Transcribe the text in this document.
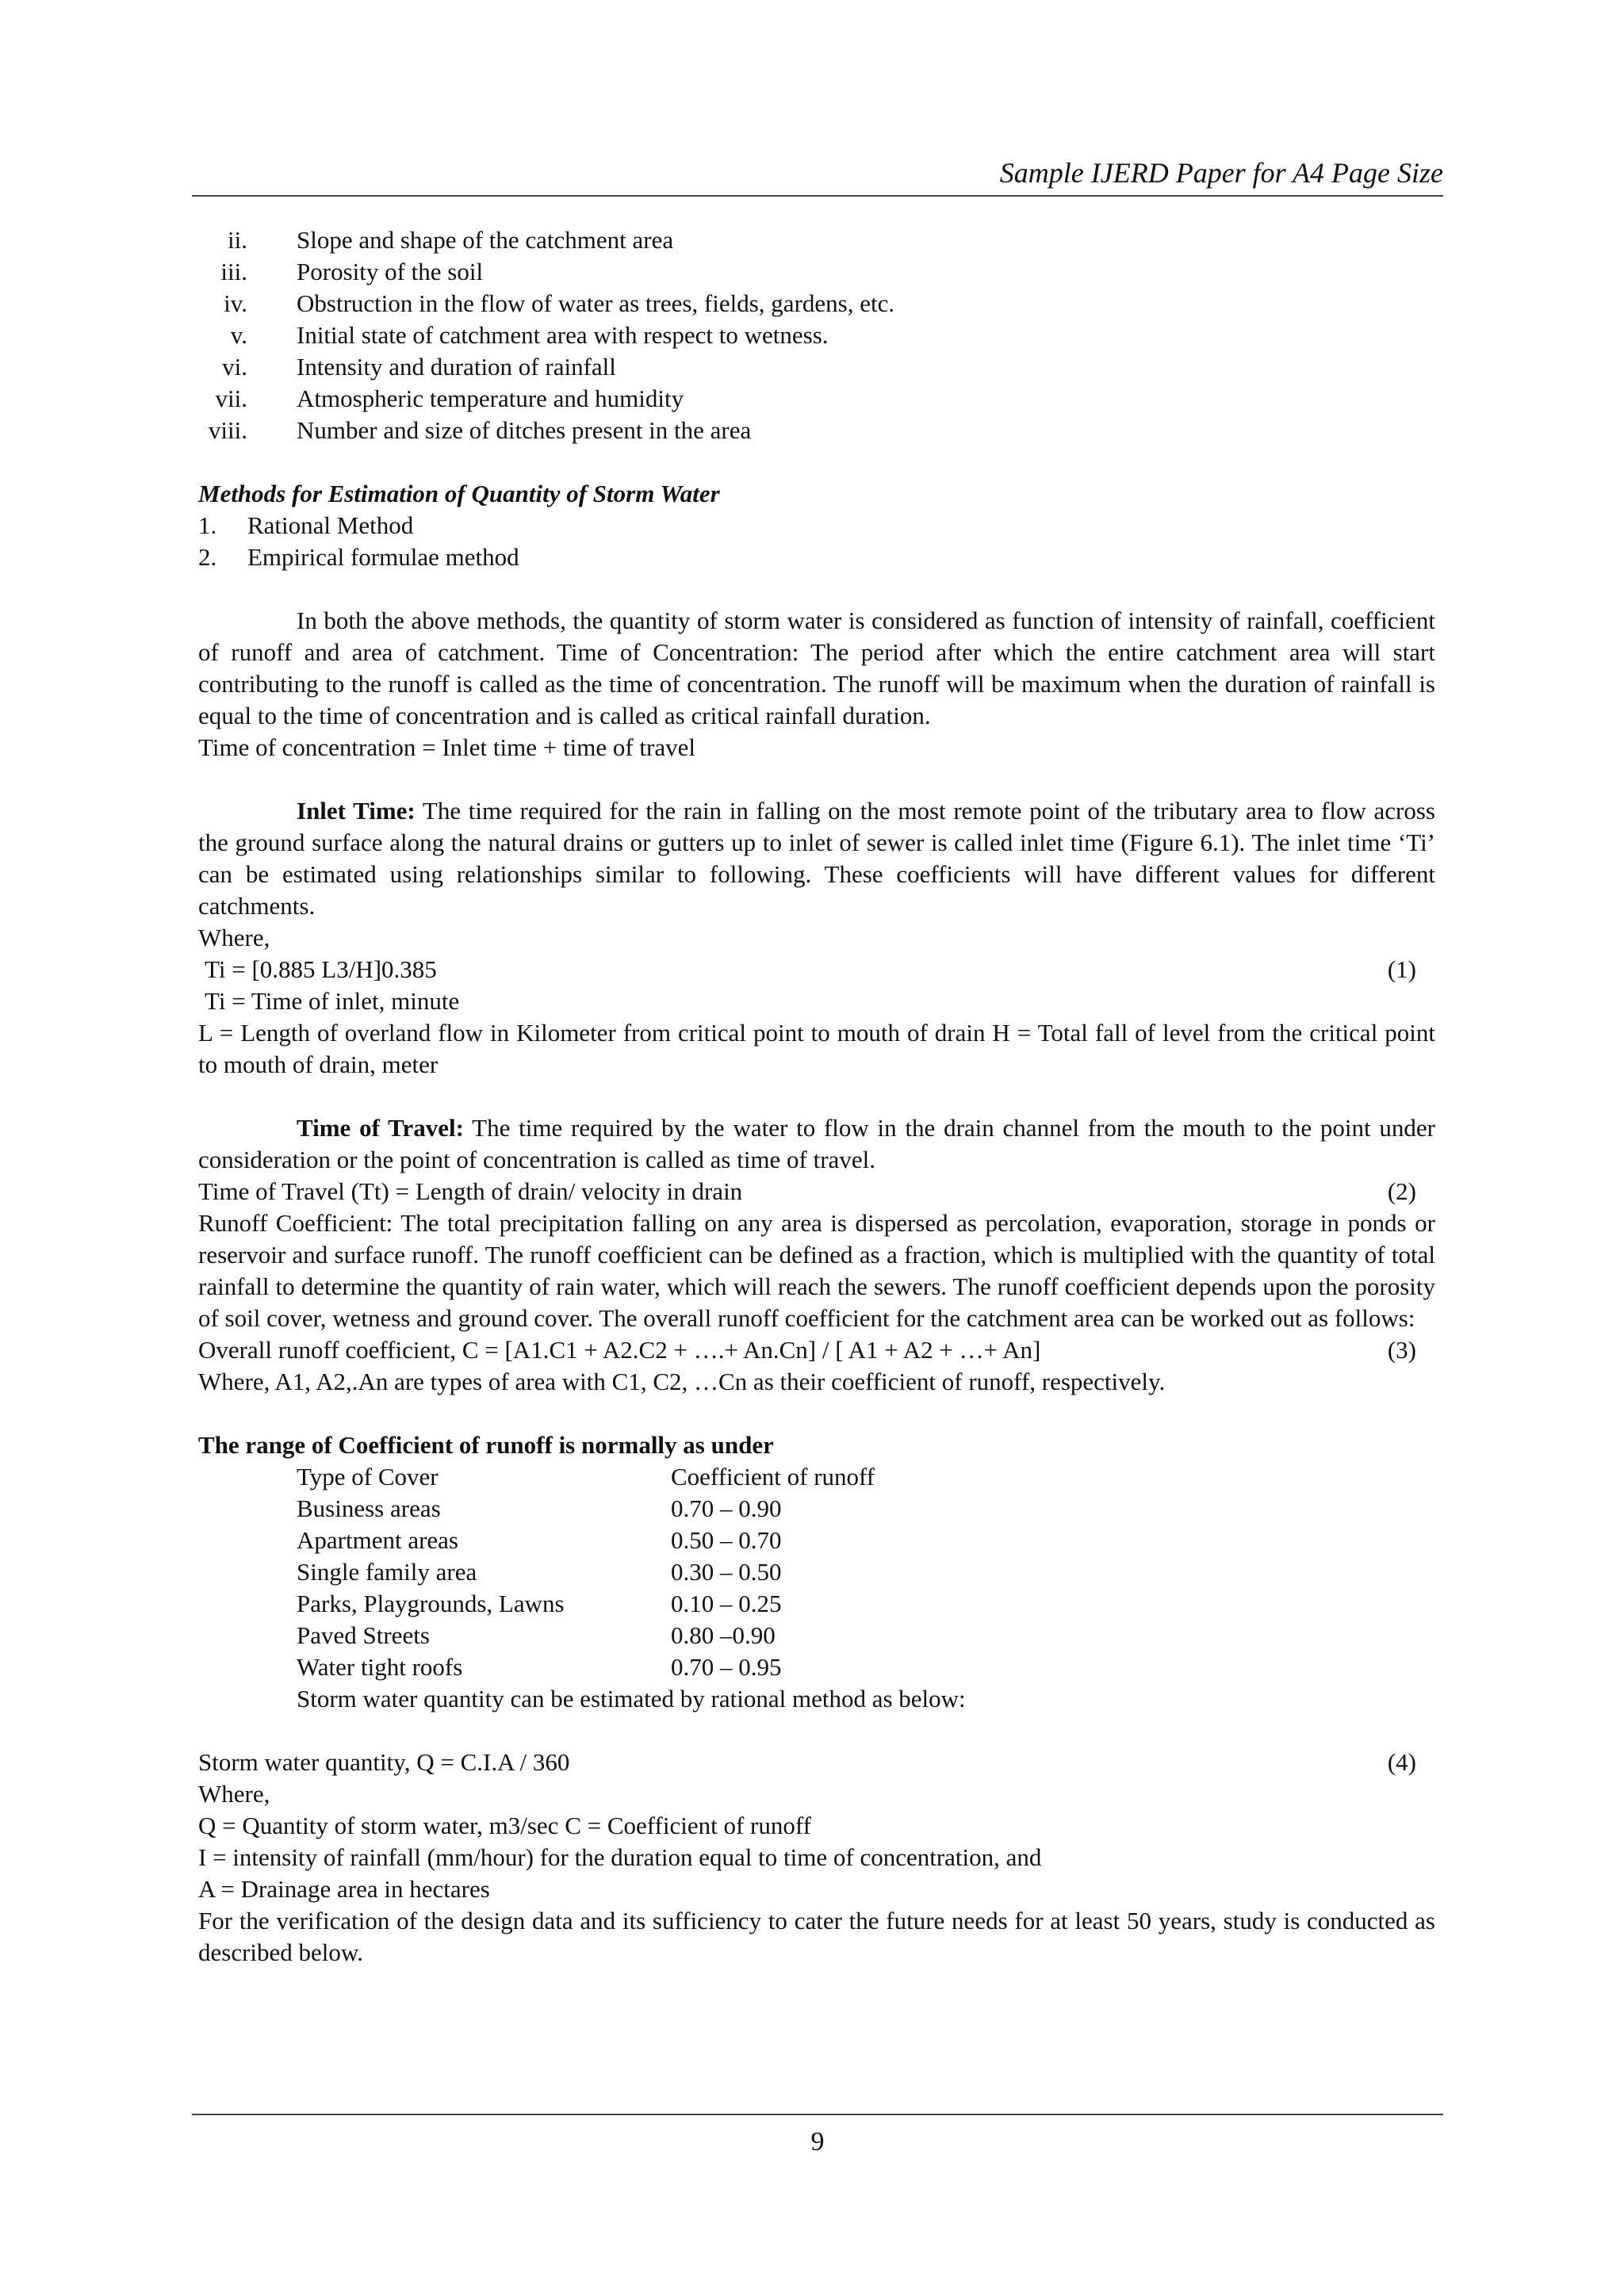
Sample IJERD Paper for A4 Page Size
ii. Slope and shape of the catchment area
iii. Porosity of the soil
iv. Obstruction in the flow of water as trees, fields, gardens, etc.
v. Initial state of catchment area with respect to wetness.
vi. Intensity and duration of rainfall
vii. Atmospheric temperature and humidity
viii. Number and size of ditches present in the area

Methods for Estimation of Quantity of Storm Water

1. Rational Method
2. Empirical formulae method

In both the above methods, the quantity of storm water is considered as function of intensity of rainfall, coefficient of runoff and area of catchment. Time of Concentration: The period after which the entire catchment area will start contributing to the runoff is called as the time of concentration. The runoff will be maximum when the duration of rainfall is equal to the time of concentration and is called as critical rainfall duration.

Time of concentration = Inlet time + time of travel

Inlet Time: The time required for the rain in falling on the most remote point of the tributary area to flow across the ground surface along the natural drains or gutters up to inlet of sewer is called inlet time (Figure 6.1). The inlet time ‘Ti’ can be estimated using relationships similar to following. These coefficients will have different values for different catchments.

Where,

Ti = [0.885 L3/H]0.385	(1)

Ti = Time of inlet, minute

L = Length of overland flow in Kilometer from critical point to mouth of drain H = Total fall of level from the critical point to mouth of drain, meter

Time of Travel: The time required by the water to flow in the drain channel from the mouth to the point under consideration or the point of concentration is called as time of travel.

Time of Travel (Tt) = Length of drain/ velocity in drain	(2)

Runoff Coefficient: The total precipitation falling on any area is dispersed as percolation, evaporation, storage in ponds or reservoir and surface runoff. The runoff coefficient can be defined as a fraction, which is multiplied with the quantity of total rainfall to determine the quantity of rain water, which will reach the sewers. The runoff coefficient depends upon the porosity of soil cover, wetness and ground cover. The overall runoff coefficient for the catchment area can be worked out as follows:

Overall runoff coefficient, C = [A1.C1 + A2.C2 + ….+ An.Cn] / [ A1 + A2 + …+ An]	(3)

Where, A1, A2,.An are types of area with C1, C2, …Cn as their coefficient of runoff, respectively.

The range of Coefficient of runoff is normally as under

Type of Cover	Coefficient of runoff
Business areas	0.70 – 0.90
Apartment areas	0.50 – 0.70
Single family area	0.30 – 0.50
Parks, Playgrounds, Lawns	0.10 – 0.25
Paved Streets	0.80 –0.90
Water tight roofs	0.70 – 0.95

Storm water quantity can be estimated by rational method as below:

Storm water quantity, Q = C.I.A / 360	(4)

Where,

Q = Quantity of storm water, m3/sec C = Coefficient of runoff

I = intensity of rainfall (mm/hour) for the duration equal to time of concentration, and

A = Drainage area in hectares

For the verification of the design data and its sufficiency to cater the future needs for at least 50 years, study is conducted as described below.

9
